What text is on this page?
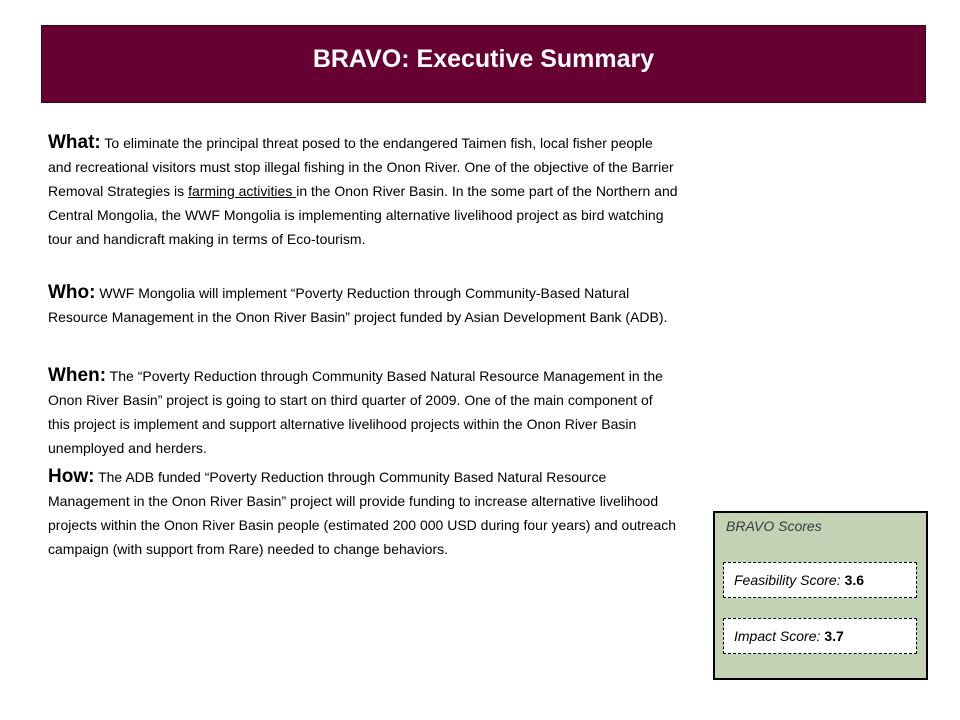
BRAVO: Executive Summary

What: To eliminate the principal threat posed to the endangered Taimen fish, local fisher people and recreational visitors must stop illegal fishing in the Onon River. One of the objective of the Barrier Removal Strategies is farming activities in the Onon River Basin. In the some part of the Northern and Central Mongolia, the WWF Mongolia is implementing alternative livelihood project as bird watching tour and handicraft making in terms of Eco-tourism.

Who: WWF Mongolia will implement “Poverty Reduction through Community-Based Natural Resource Management in the Onon River Basin” project funded by Asian Development Bank (ADB).

When: The “Poverty Reduction through Community Based Natural Resource Management in the Onon River Basin” project is going to start on third quarter of 2009. One of the main component of this project is implement and support alternative livelihood projects within the Onon River Basin unemployed and herders.

How: The ADB funded “Poverty Reduction through Community Based Natural Resource Management in the Onon River Basin” project will provide funding to increase alternative livelihood projects within the Onon River Basin people (estimated 200 000 USD during four years) and outreach campaign (with support from Rare) needed to change behaviors.

BRAVO Scores
Feasibility Score: 3.6
Impact Score: 3.7
